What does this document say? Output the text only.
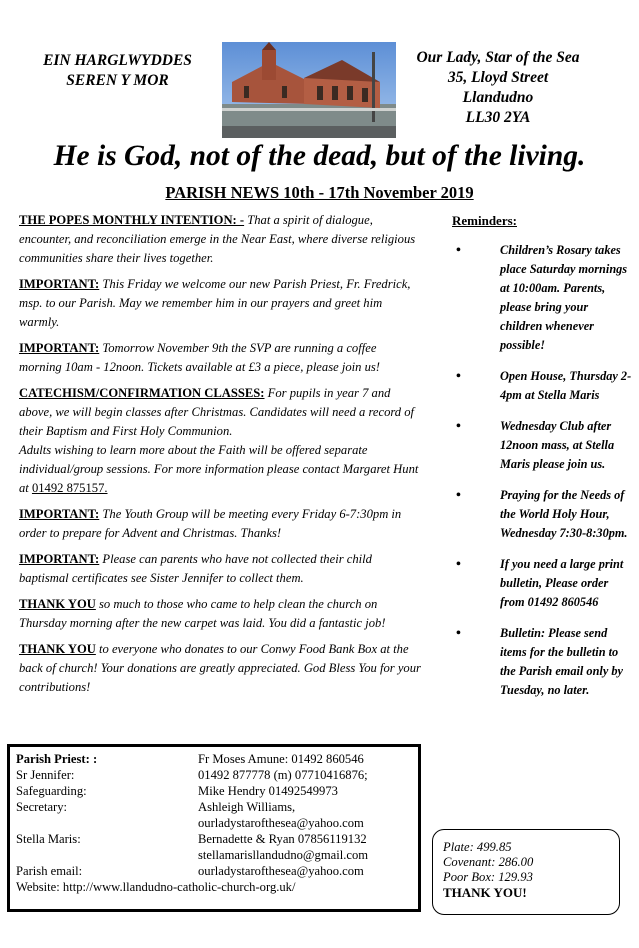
EIN HARGLWYDDES
SEREN Y MOR
Our Lady, Star of the Sea
35, Lloyd Street
Llandudno
LL30 2YA
He is God, not of the dead, but of the living.
PARISH NEWS 10th - 17th November 2019

THE POPES MONTHLY INTENTION: - That a spirit of dialogue, encounter, and reconciliation emerge in the Near East, where diverse religious communities share their lives together.

IMPORTANT: This Friday we welcome our new Parish Priest, Fr. Fredrick, msp. to our Parish. May we remember him in our prayers and greet him warmly.

IMPORTANT: Tomorrow November 9th the SVP are running a coffee morning 10am - 12noon. Tickets available at £3 a piece, please join us!

CATECHISM/CONFIRMATION CLASSES: For pupils in year 7 and above, we will begin classes after Christmas. Candidates will need a record of their Baptism and First Holy Communion.
Adults wishing to learn more about the Faith will be offered separate individual/group sessions. For more information please contact Margaret Hunt at 01492 875157.

IMPORTANT: The Youth Group will be meeting every Friday 6-7:30pm in order to prepare for Advent and Christmas. Thanks!

IMPORTANT: Please can parents who have not collected their child baptismal certificates see Sister Jennifer to collect them.

THANK YOU so much to those who came to help clean the church on Thursday morning after the new carpet was laid. You did a fantastic job!

THANK YOU to everyone who donates to our Conwy Food Bank Box at the back of church! Your donations are greatly appreciated. God Bless You for your contributions!

Reminders:
•	Children’s Rosary takes place Saturday mornings at 10:00am. Parents, please bring your children whenever possible!
•	Open House, Thursday 2-4pm at Stella Maris
•	Wednesday Club after 12noon mass, at Stella Maris please join us.
•	Praying for the Needs of the World Holy Hour, Wednesday 7:30-8:30pm.
•	If you need a large print bulletin, Please order from 01492 860546
•	Bulletin: Please send items for the bulletin to the Parish email only by Tuesday, no later.
Parish Priest: :	Fr Moses Amune: 01492 860546
Sr Jennifer:	01492 877778 (m) 07710416876;
Safeguarding:	Mike Hendry 01492549973
Secretary:	Ashleigh Williams,
ourladystarofthesea@yahoo.com
Stella Maris:	Bernadette & Ryan 07856119132
stellamarisllandudno@gmail.com
Parish email:	ourladystarofthesea@yahoo.com
Website: http://www.llandudno-catholic-church-org.uk/
Plate: 499.85
Covenant: 286.00
Poor Box: 129.93
THANK YOU!
